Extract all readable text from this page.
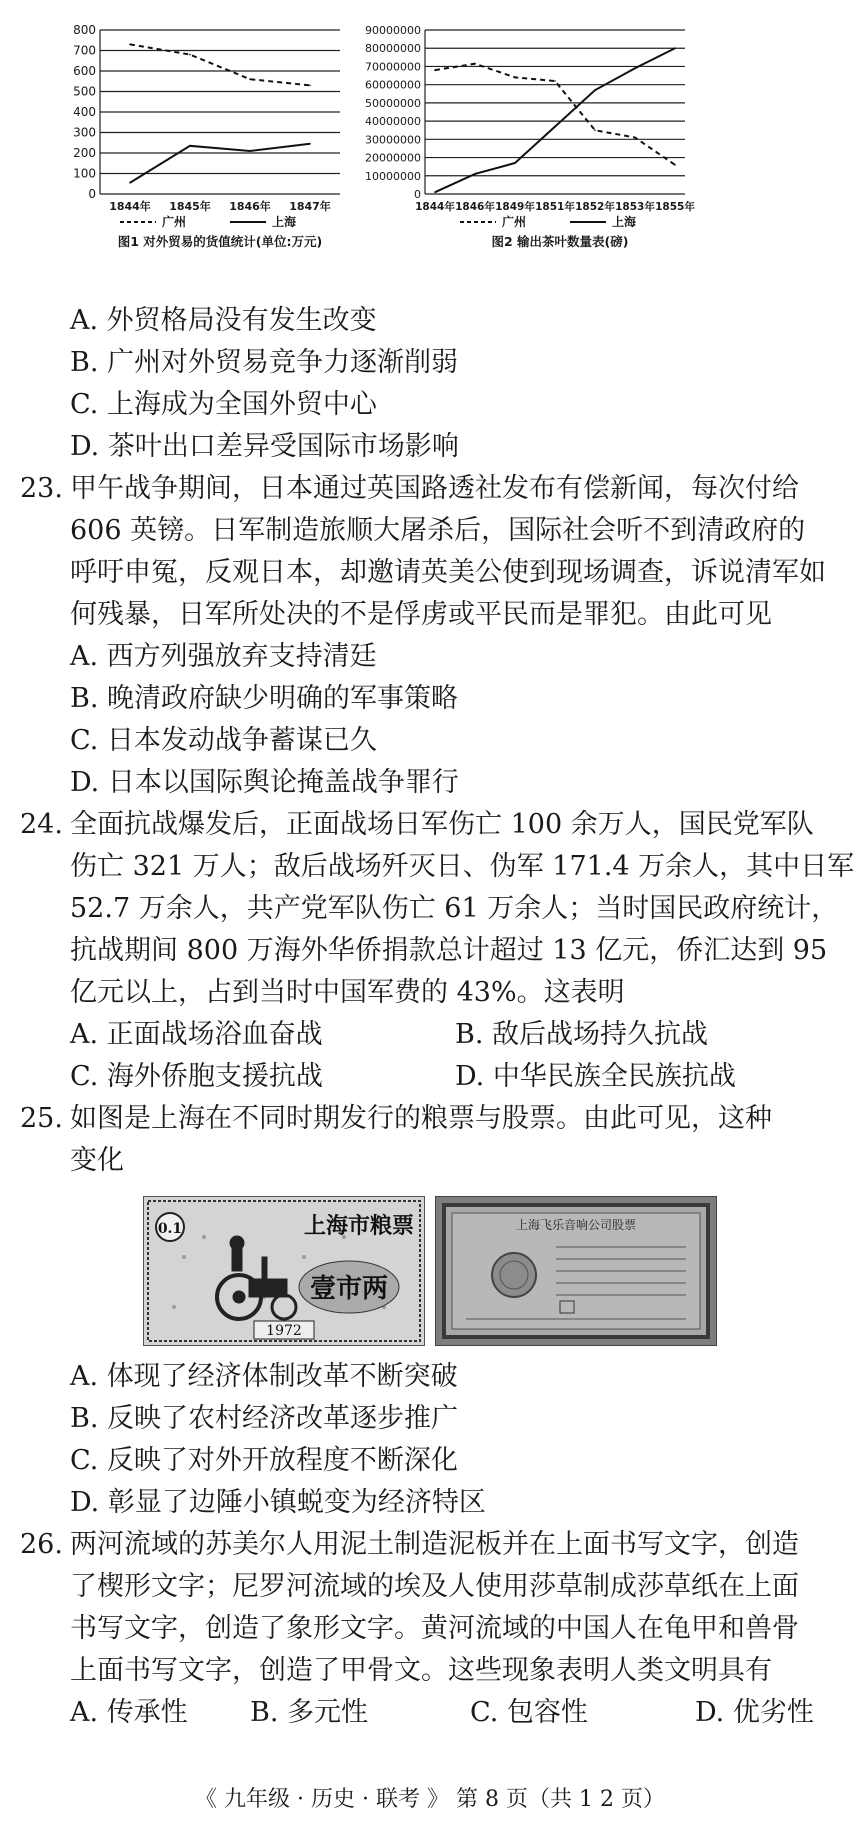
0
100
200
300
400
500
600
700
800
1844年 1845年 1846年 1847年
广州	上海
图1 对外贸易的货值统计(单位:万元)
0
10000000
20000000
30000000
40000000
50000000
60000000
70000000
80000000
90000000
1844年 1846年 1849年 1851年 1852年 1853年 1855年
广州	上海
图2 输出茶叶数量表(磅)
A. 外贸格局没有发生改变
B. 广州对外贸易竞争力逐渐削弱
C. 上海成为全国外贸中心
D. 茶叶出口差异受国际市场影响
23. 甲午战争期间，日本通过英国路透社发布有偿新闻，每次付给
606 英镑。日军制造旅顺大屠杀后，国际社会听不到清政府的
呼吁申冤，反观日本，却邀请英美公使到现场调查，诉说清军如
何残暴，日军所处决的不是俘虏或平民而是罪犯。由此可见
A. 西方列强放弃支持清廷
B. 晚清政府缺少明确的军事策略
C. 日本发动战争蓄谋已久
D. 日本以国际舆论掩盖战争罪行
24. 全面抗战爆发后，正面战场日军伤亡 100 余万人，国民党军队
伤亡 321 万人；敌后战场歼灭日、伪军 171.4 万余人，其中日军
52.7 万余人，共产党军队伤亡 61 万余人；当时国民政府统计，
抗战期间 800 万海外华侨捐款总计超过 13 亿元，侨汇达到 95
亿元以上，占到当时中国军费的 43%。这表明
A. 正面战场浴血奋战	B. 敌后战场持久抗战
C. 海外侨胞支援抗战	D. 中华民族全民族抗战
25. 如图是上海在不同时期发行的粮票与股票。由此可见，这种
变化
0.1	上海市粮票
壹市两
1972
上海飞乐音响公司股票
A. 体现了经济体制改革不断突破
B. 反映了农村经济改革逐步推广
C. 反映了对外开放程度不断深化
D. 彰显了边陲小镇蜕变为经济特区
26. 两河流域的苏美尔人用泥土制造泥板并在上面书写文字，创造
了楔形文字；尼罗河流域的埃及人使用莎草制成莎草纸在上面
书写文字，创造了象形文字。黄河流域的中国人在龟甲和兽骨
上面书写文字，创造了甲骨文。这些现象表明人类文明具有
A. 传承性	B. 多元性	C. 包容性	D. 优劣性
《 九年级 · 历史 · 联考 》 第 8 页（共 1 2 页）
